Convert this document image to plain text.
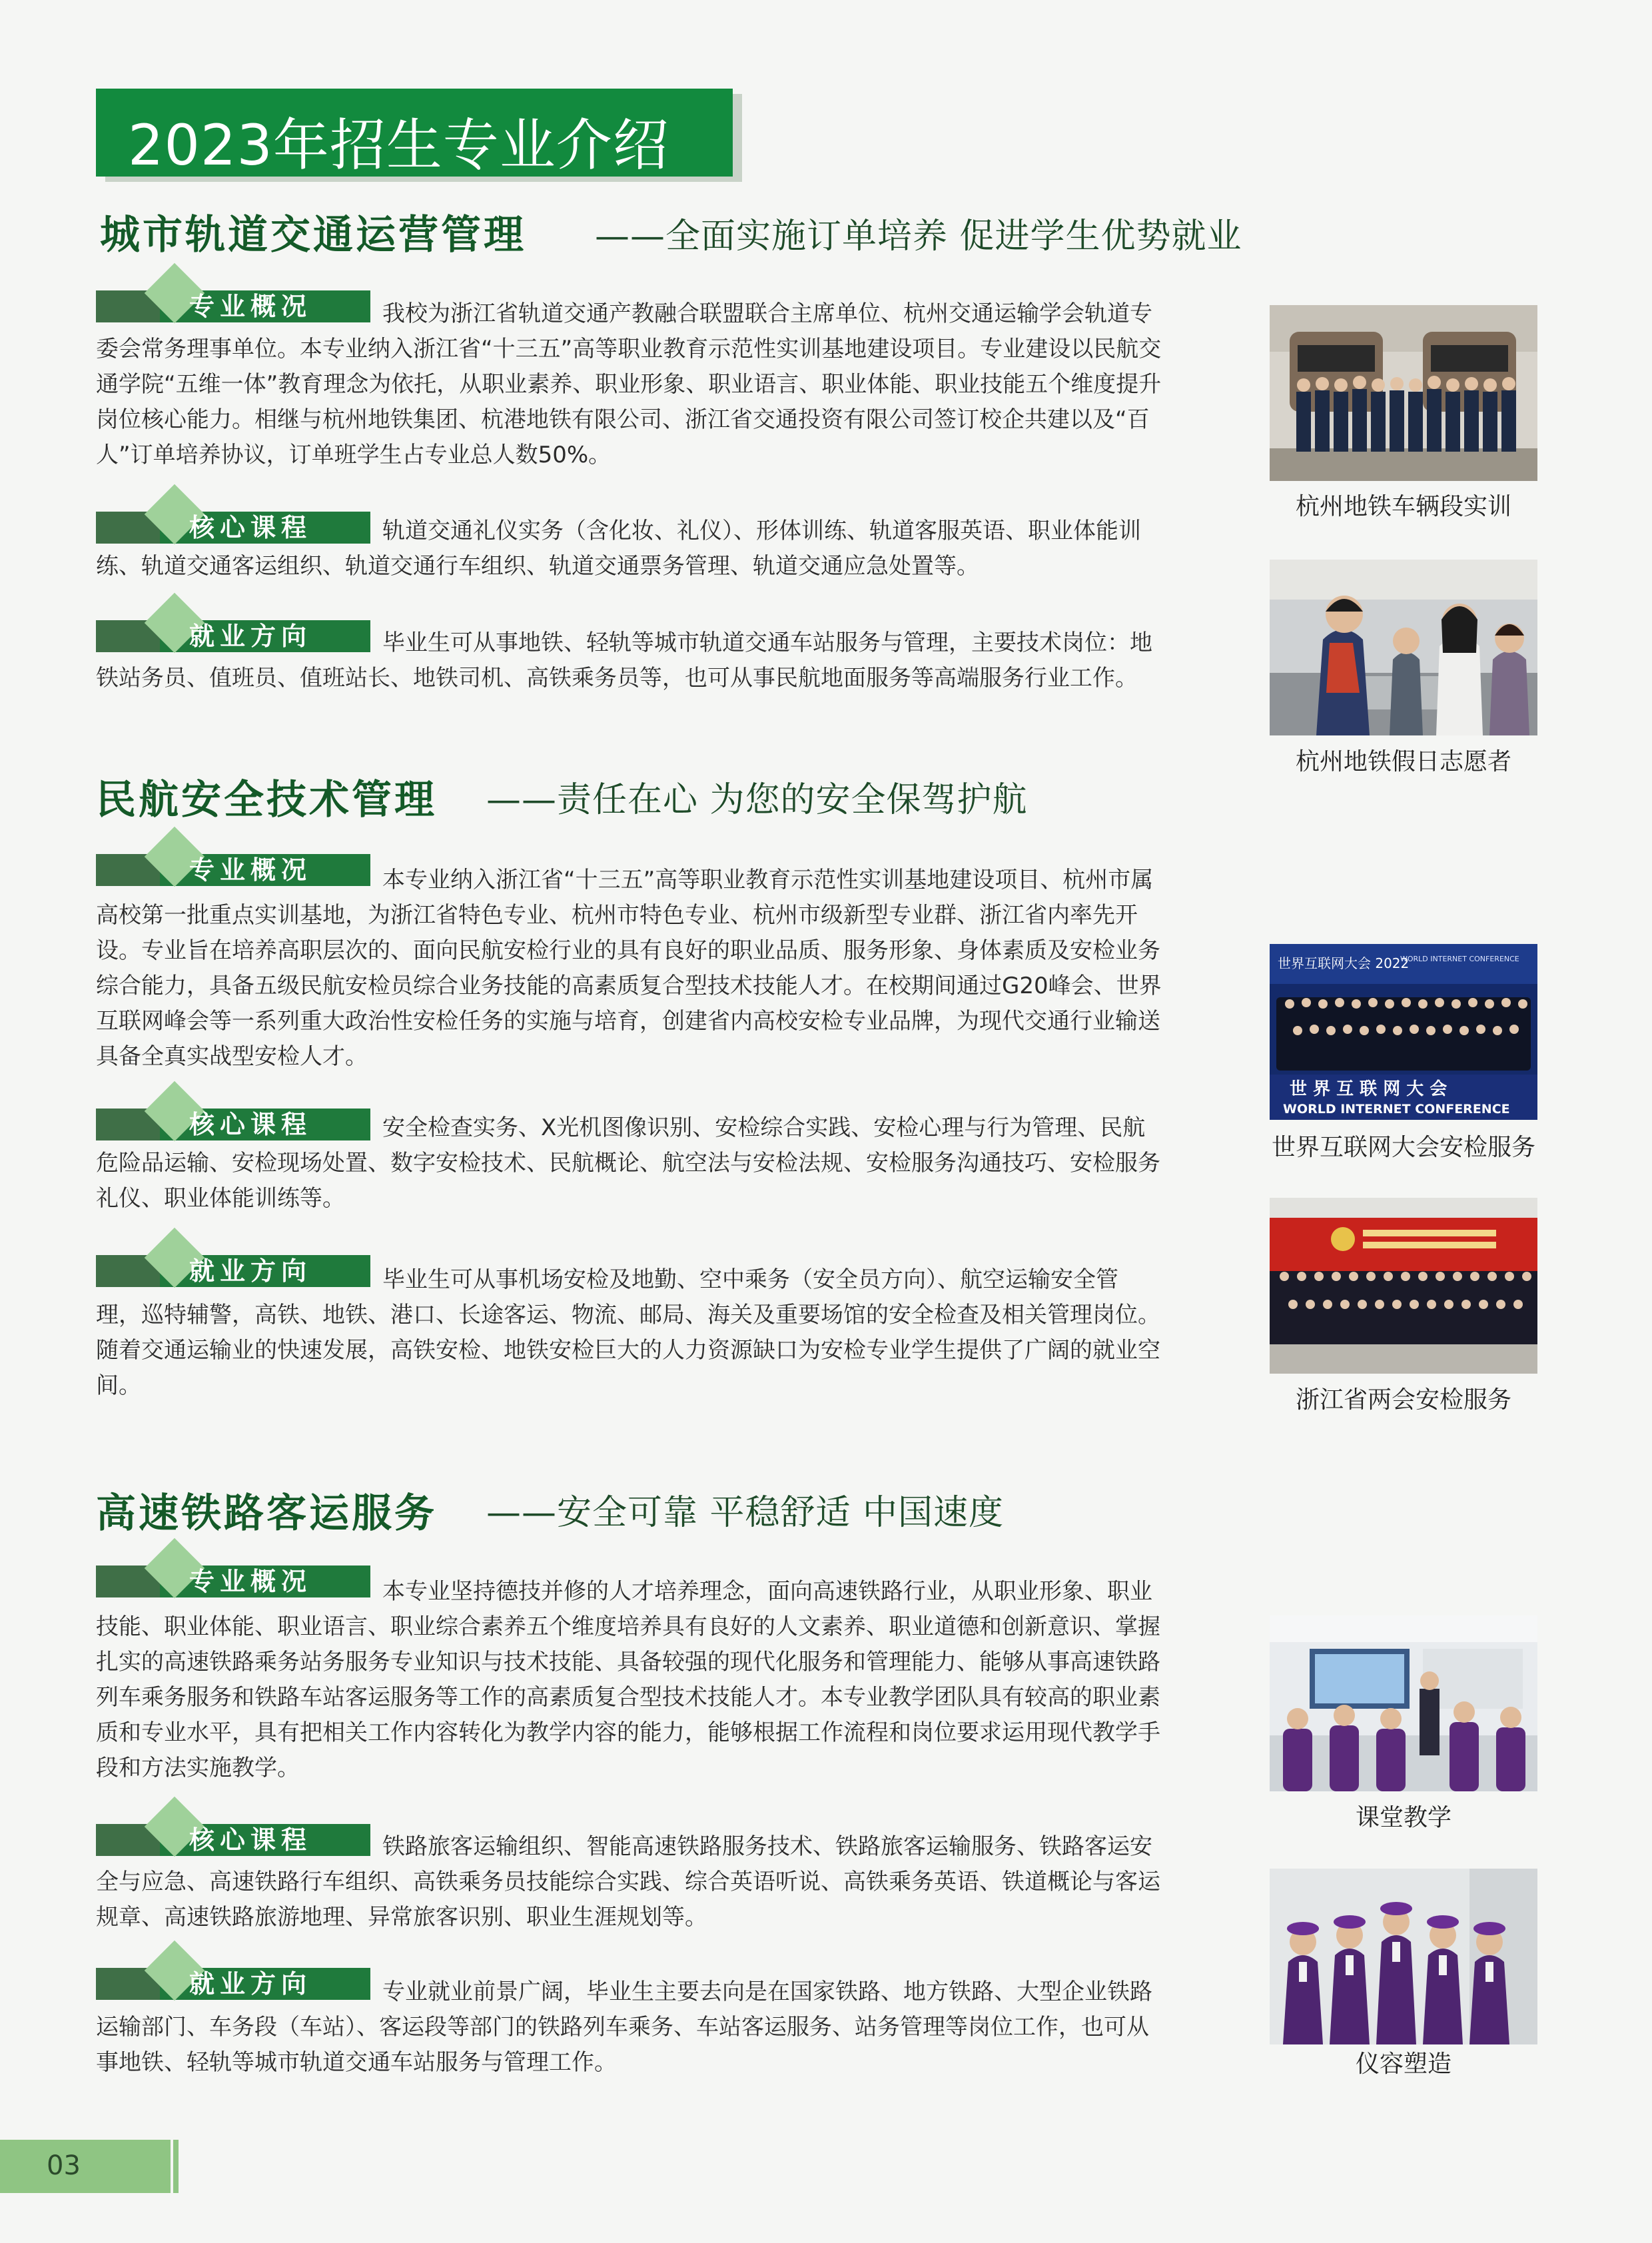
2023年招生专业介绍
城市轨道交通运营管理 ——全面实施订单培养 促进学生优势就业
专业概况	我校为浙江省轨道交通产教融合联盟联合主席单位、杭州交通运输学会轨道专委会常务理事单位。本专业纳入浙江省“十三五”高等职业教育示范性实训基地建设项目。专业建设以民航交通学院“五维一体”教育理念为依托，从职业素养、职业形象、职业语言、职业体能、职业技能五个维度提升岗位核心能力。相继与杭州地铁集团、杭港地铁有限公司、浙江省交通投资有限公司签订校企共建以及“百人”订单培养协议，订单班学生占专业总人数50%。

核心课程	轨道交通礼仪实务（含化妆、礼仪）、形体训练、轨道客服英语、职业体能训练、轨道交通客运组织、轨道交通行车组织、轨道交通票务管理、轨道交通应急处置等。

就业方向	毕业生可从事地铁、轻轨等城市轨道交通车站服务与管理，主要技术岗位：地铁站务员、值班员、值班站长、地铁司机、高铁乘务员等，也可从事民航地面服务等高端服务行业工作。

民航安全技术管理 ——责任在心 为您的安全保驾护航
专业概况	本专业纳入浙江省“十三五”高等职业教育示范性实训基地建设项目、杭州市属高校第一批重点实训基地，为浙江省特色专业、杭州市特色专业、杭州市级新型专业群、浙江省内率先开设。专业旨在培养高职层次的、面向民航安检行业的具有良好的职业品质、服务形象、身体素质及安检业务综合能力，具备五级民航安检员综合业务技能的高素质复合型技术技能人才。在校期间通过G20峰会、世界互联网峰会等一系列重大政治性安检任务的实施与培育，创建省内高校安检专业品牌，为现代交通行业输送具备全真实战型安检人才。

核心课程	安全检查实务、X光机图像识别、安检综合实践、安检心理与行为管理、民航危险品运输、安检现场处置、数字安检技术、民航概论、航空法与安检法规、安检服务沟通技巧、安检服务礼仪、职业体能训练等。

就业方向	毕业生可从事机场安检及地勤、空中乘务（安全员方向）、航空运输安全管理，巡特辅警，高铁、地铁、港口、长途客运、物流、邮局、海关及重要场馆的安全检查及相关管理岗位。随着交通运输业的快速发展，高铁安检、地铁安检巨大的人力资源缺口为安检专业学生提供了广阔的就业空间。

高速铁路客运服务 ——安全可靠 平稳舒适 中国速度
专业概况	本专业坚持德技并修的人才培养理念，面向高速铁路行业，从职业形象、职业技能、职业体能、职业语言、职业综合素养五个维度培养具有良好的人文素养、职业道德和创新意识、掌握扎实的高速铁路乘务站务服务专业知识与技术技能、具备较强的现代化服务和管理能力、能够从事高速铁路列车乘务服务和铁路车站客运服务等工作的高素质复合型技术技能人才。本专业教学团队具有较高的职业素质和专业水平，具有把相关工作内容转化为教学内容的能力，能够根据工作流程和岗位要求运用现代教学手段和方法实施教学。

核心课程	铁路旅客运输组织、智能高速铁路服务技术、铁路旅客运输服务、铁路客运安全与应急、高速铁路行车组织、高铁乘务员技能综合实践、综合英语听说、高铁乘务英语、铁道概论与客运规章、高速铁路旅游地理、异常旅客识别、职业生涯规划等。

就业方向	专业就业前景广阔，毕业生主要去向是在国家铁路、地方铁路、大型企业铁路运输部门、车务段（车站）、客运段等部门的铁路列车乘务、车站客运服务、站务管理等岗位工作，也可从事地铁、轻轨等城市轨道交通车站服务与管理工作。

杭州地铁车辆段实训
杭州地铁假日志愿者
世界互联网大会 2022
WORLD INTERNET CONFERENCE
世 界 互 联 网 大 会
WORLD INTERNET CONFERENCE
世界互联网大会安检服务
浙江省两会安检服务
课堂教学
仪容塑造
03
